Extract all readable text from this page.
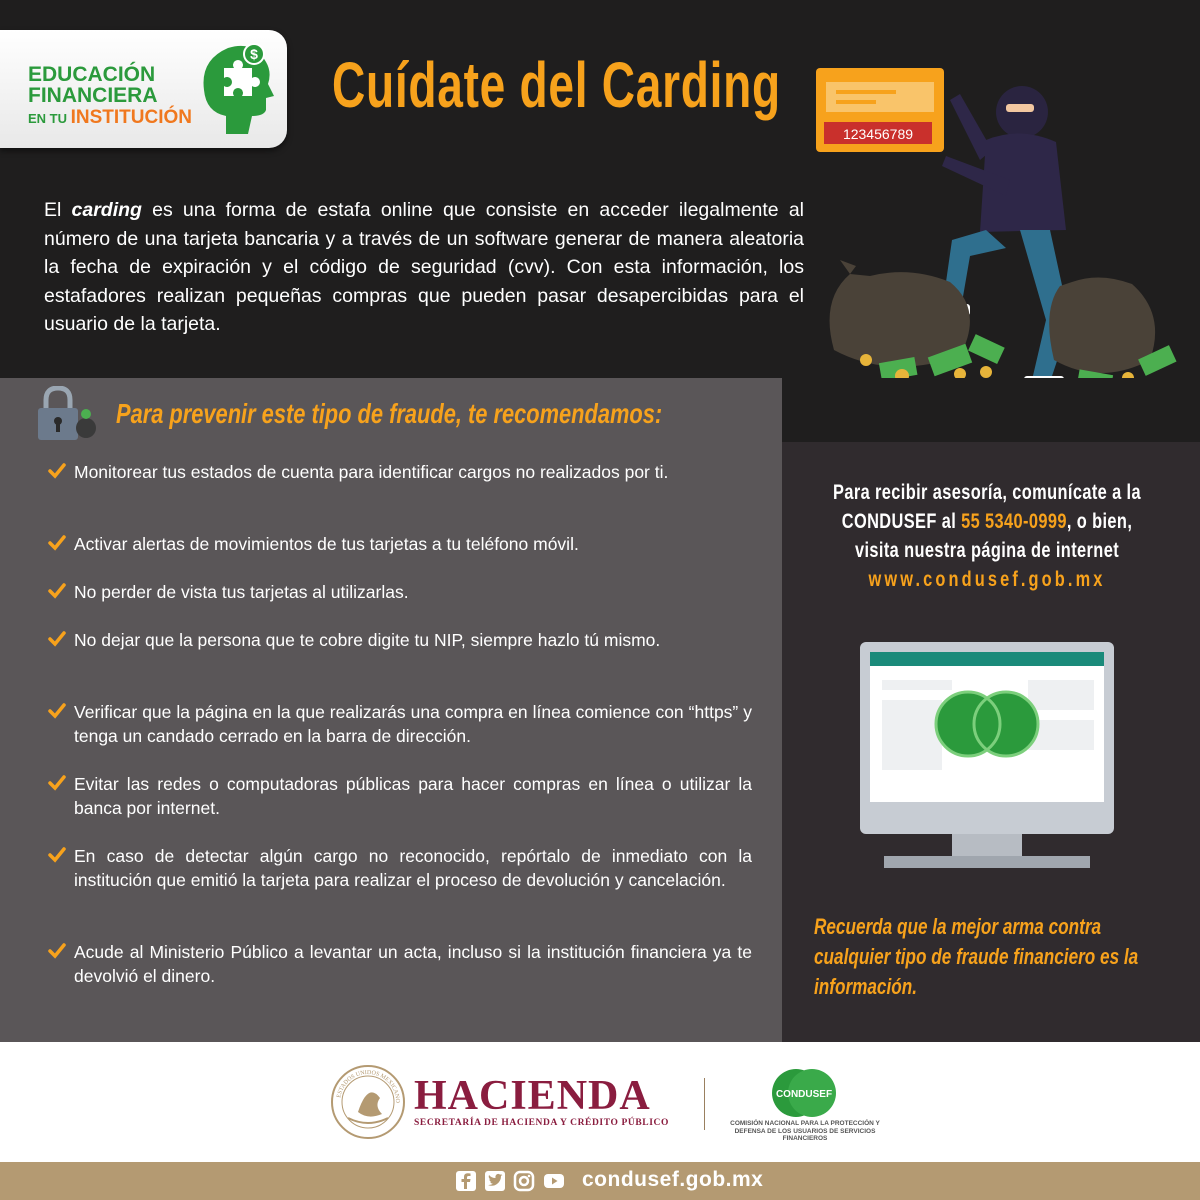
EDUCACIÓN
FINANCIERA
EN TU INSTITUCIÓN
$ Cuídate del Carding

El carding es una forma de estafa online que consiste en acceder ilegalmente al número de una tarjeta bancaria y a través de un software generar de manera aleatoria la fecha de expiración y el código de seguridad (cvv). Con esta información, los estafadores realizan pequeñas compras que pueden pasar desapercibidas para el usuario de la tarjeta.

123456789
Para prevenir este tipo de fraude, te recomendamos:
Monitorear tus estados de cuenta para identificar cargos no realizados por ti.
Activar alertas de movimientos de tus tarjetas a tu teléfono móvil.
No perder de vista tus tarjetas al utilizarlas.
No dejar que la persona que te cobre digite tu NIP, siempre hazlo tú mismo.
Verificar que la página en la que realizarás una compra en línea comience con “https” y tenga un candado cerrado en la barra de dirección.
Evitar las redes o computadoras públicas para hacer compras en línea o utilizar la banca por internet.
En caso de detectar algún cargo no reconocido, repórtalo de inmediato con la institución que emitió la tarjeta para realizar el proceso de devolución y cancelación.
Acude al Ministerio Público a levantar un acta, incluso si la institución financiera ya te devolvió el dinero.
Para recibir asesoría, comunícate a la
CONDUSEF al 55 5340-0999, o bien,
visita nuestra página de internet
www.condusef.gob.mx
Recuerda que la mejor arma contra cualquier tipo de fraude financiero es la información.
ESTADOS UNIDOS MEXICANO HACIENDA
SECRETARÍA DE HACIENDA Y CRÉDITO PÚBLICO
CONDUSEF
COMISIÓN NACIONAL PARA LA PROTECCIÓN Y DEFENSA DE LOS USUARIOS DE SERVICIOS FINANCIEROS
condusef.gob.mx
